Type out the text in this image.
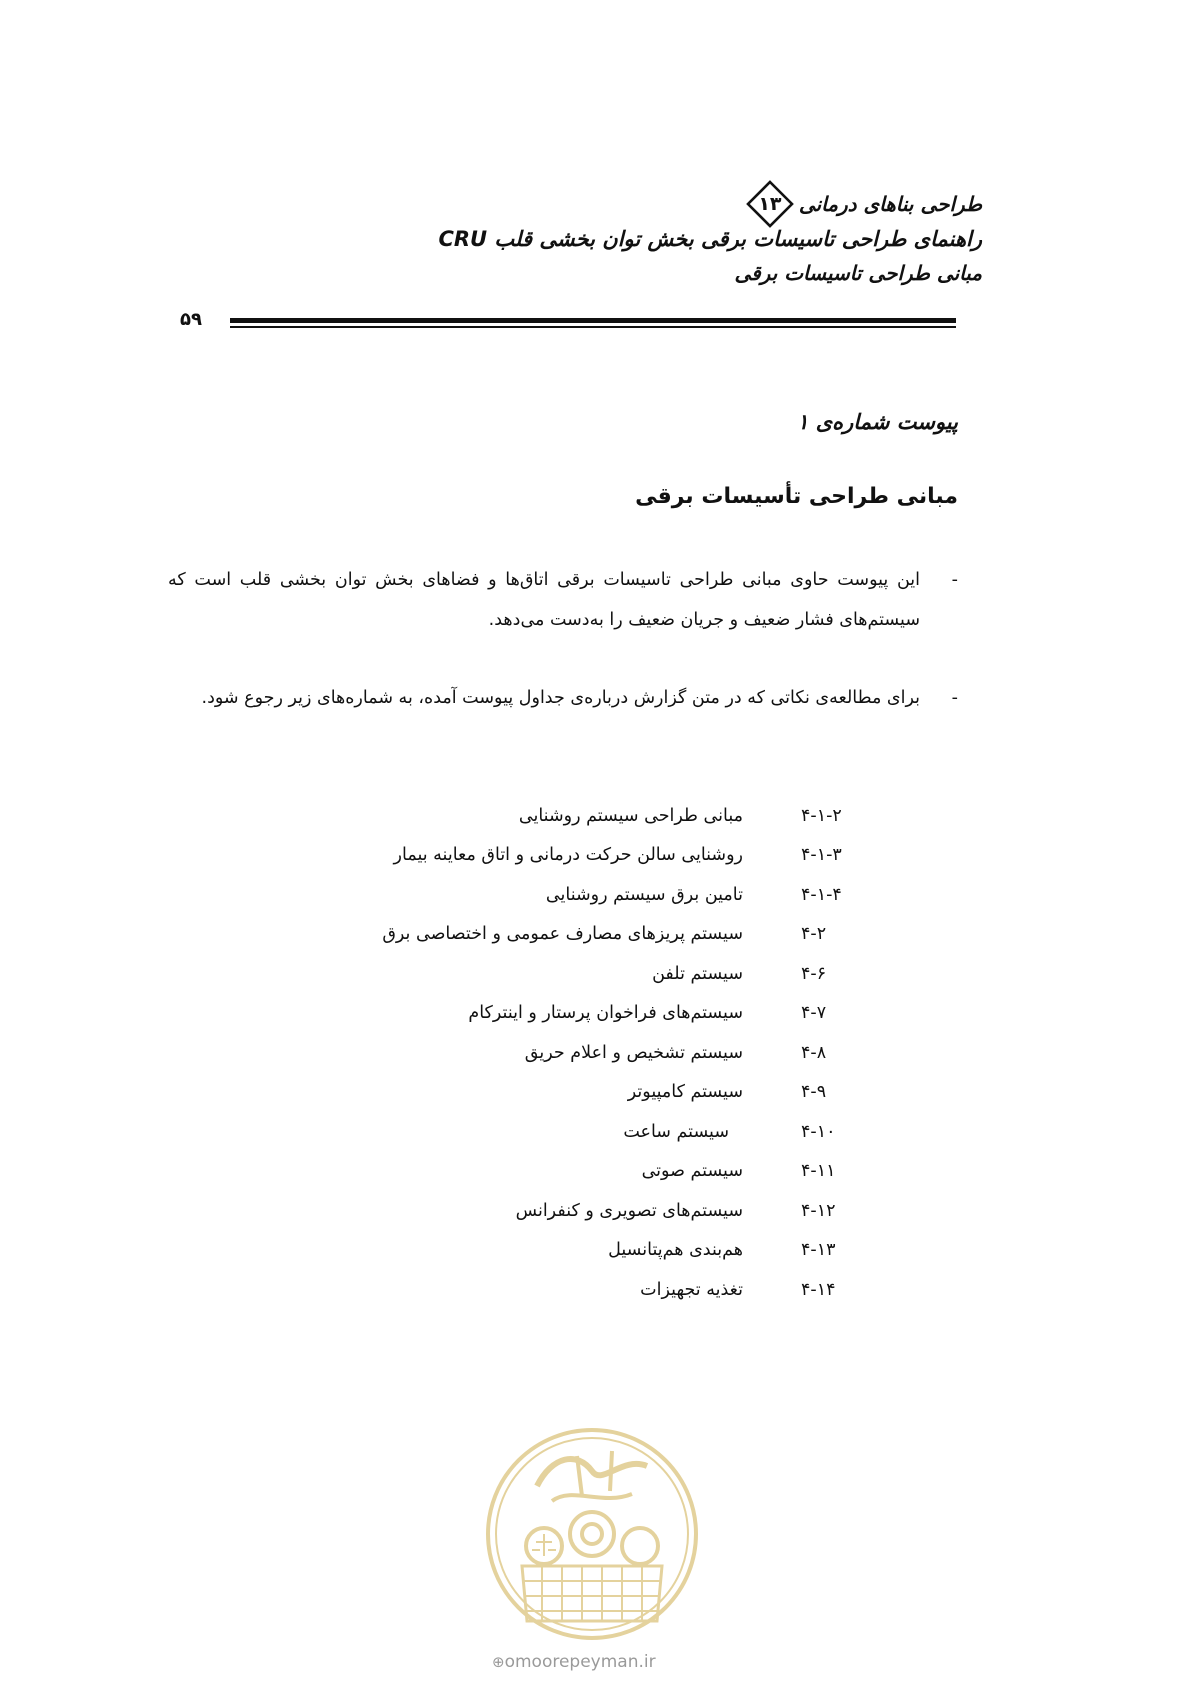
طراحی بناهای درمانی
۱۳
راهنمای طراحی تاسیسات برقی بخش توان بخشی قلب CRU
مبانی طراحی تاسیسات برقی
۵۹
پیوست شماره‌ی ۱
مبانی طراحی تأسیسات برقی
-
این پیوست حاوی مبانی طراحی تاسیسات برقی اتاق‌ها و فضاهای بخش توان بخشی قلب است که سیستم‌های فشار ضعیف و جریان ضعیف را به‌دست می‌دهد.
-
برای مطالعه‌ی نکاتی که در متن گزارش درباره‌ی جداول پیوست آمده، به شماره‌های زیر رجوع شود.
۴-۱-۲
مبانی طراحی سیستم روشنایی
۴-۱-۳
روشنایی سالن حرکت درمانی و اتاق معاینه بیمار
۴-۱-۴
تامین برق سیستم روشنایی
۴-۲
سیستم پریزهای مصارف عمومی و اختصاصی برق
۴-۶
سیستم تلفن
۴-۷
سیستم‌های فراخوان پرستار و اینترکام
۴-۸
سیستم تشخیص و اعلام حریق
۴-۹
سیستم کامپیوتر
۴-۱۰
سیستم ساعت
۴-۱۱
سیستم صوتی
۴-۱۲
سیستم‌های تصویری و کنفرانس
۴-۱۳
هم‌بندی هم‌پتانسیل
۴-۱۴
تغذیه تجهیزات
⊕omoorepeyman.ir
